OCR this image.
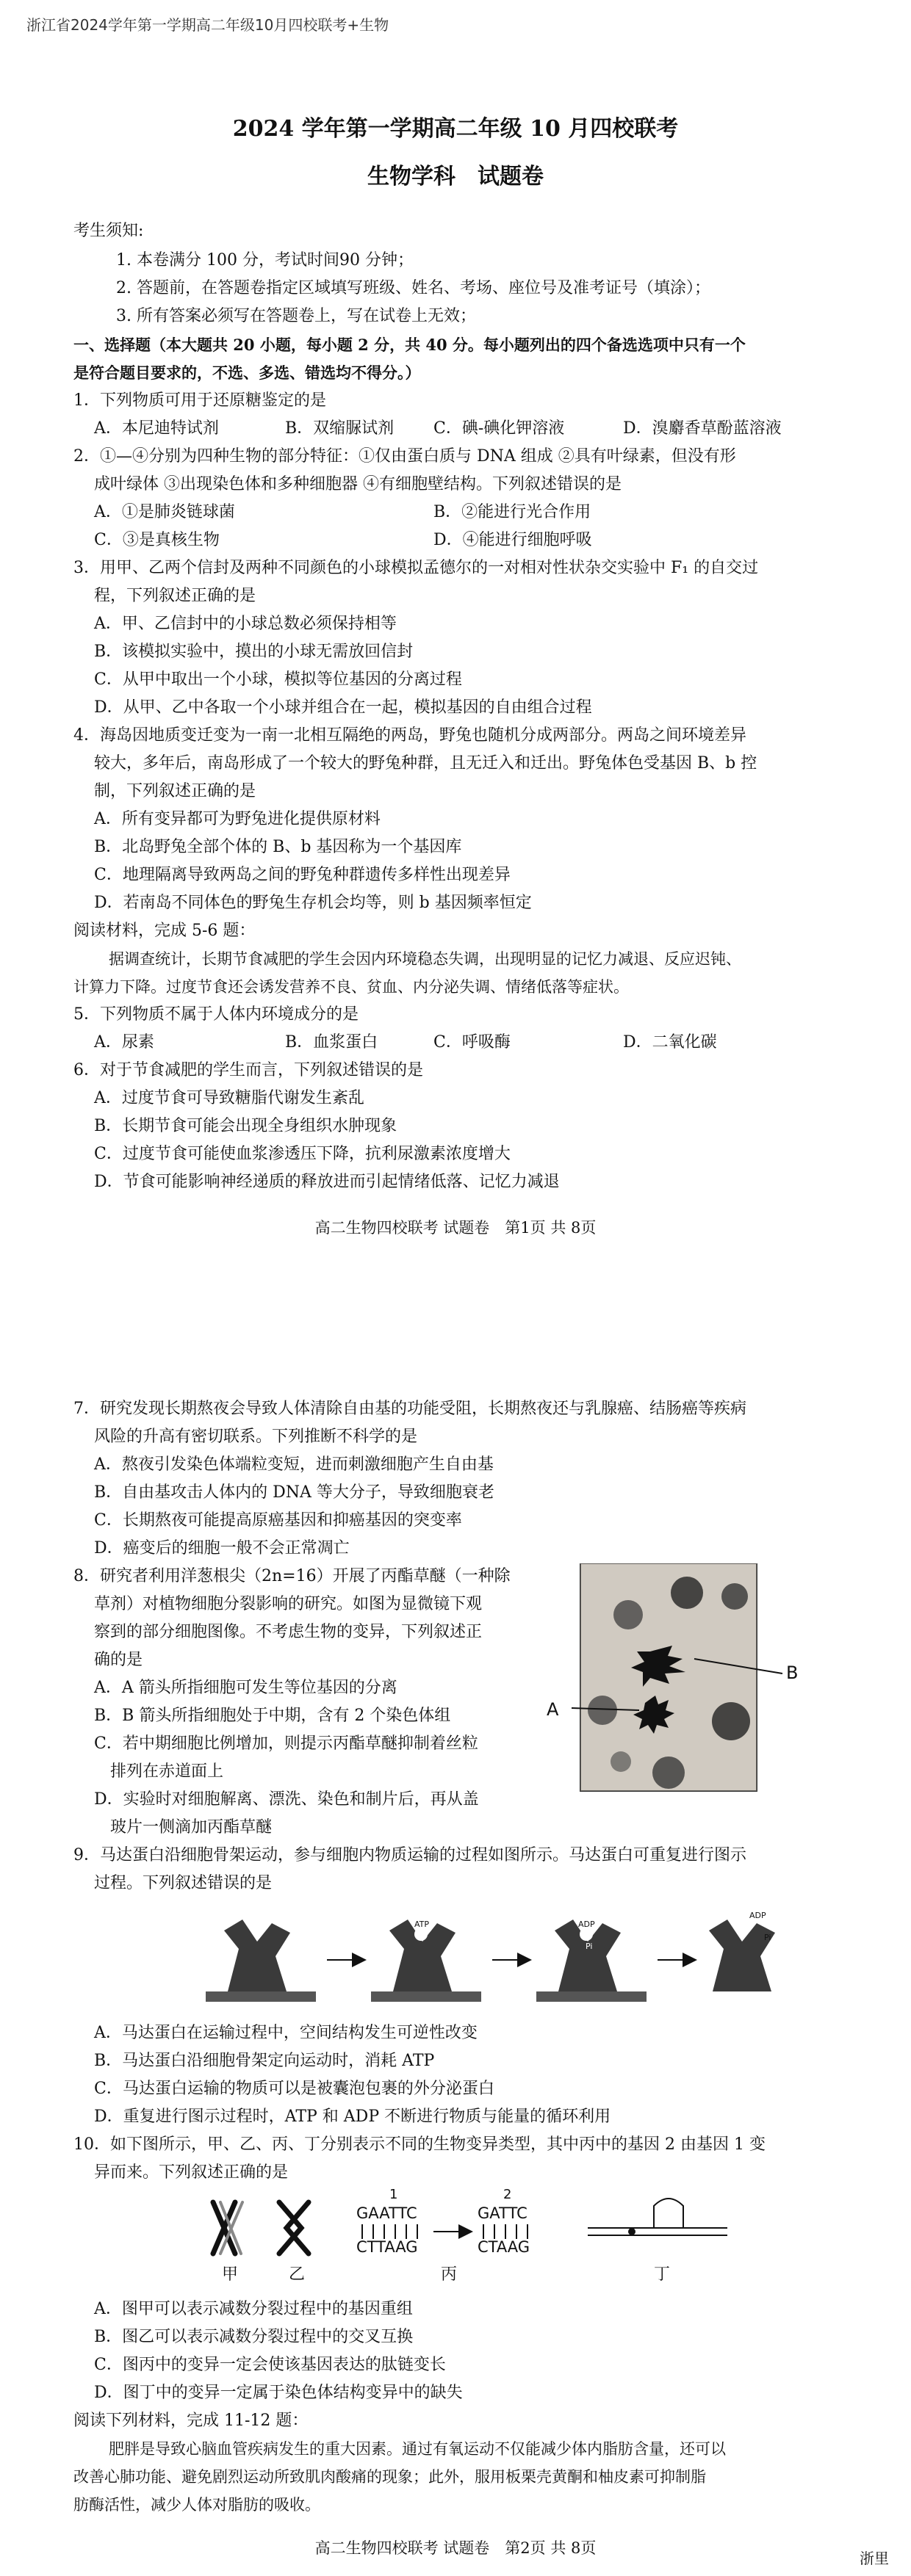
浙江省2024学年第一学期高二年级10月四校联考+生物
2024 学年第一学期高二年级 10 月四校联考
生物学科　试题卷
考生须知:
1. 本卷满分 100 分，考试时间90 分钟；
2. 答题前，在答题卷指定区域填写班级、姓名、考场、座位号及准考证号（填涂）；
3. 所有答案必须写在答题卷上，写在试卷上无效；
一、选择题（本大题共 20 小题，每小题 2 分，共 40 分。每小题列出的四个备选选项中只有一个
是符合题目要求的，不选、多选、错选均不得分。）
1．下列物质可用于还原糖鉴定的是
A．本尼迪特试剂	B．双缩脲试剂 C．碘-碘化钾溶液	D．溴麝香草酚蓝溶液
2．①—④分别为四种生物的部分特征：①仅由蛋白质与 DNA 组成 ②具有叶绿素，但没有形
成叶绿体 ③出现染色体和多种细胞器 ④有细胞壁结构。下列叙述错误的是
A．①是肺炎链球菌	B．②能进行光合作用
C．③是真核生物	D．④能进行细胞呼吸
3．用甲、乙两个信封及两种不同颜色的小球模拟孟德尔的一对相对性状杂交实验中 F₁ 的自交过
程，下列叙述正确的是
A．甲、乙信封中的小球总数必须保持相等
B．该模拟实验中，摸出的小球无需放回信封
C．从甲中取出一个小球，模拟等位基因的分离过程
D．从甲、乙中各取一个小球并组合在一起，模拟基因的自由组合过程
4．海岛因地质变迁变为一南一北相互隔绝的两岛，野兔也随机分成两部分。两岛之间环境差异
较大，多年后，南岛形成了一个较大的野兔种群，且无迁入和迁出。野兔体色受基因 B、b 控
制，下列叙述正确的是
A．所有变异都可为野兔进化提供原材料
B．北岛野兔全部个体的 B、b 基因称为一个基因库
C．地理隔离导致两岛之间的野兔种群遗传多样性出现差异
D．若南岛不同体色的野兔生存机会均等，则 b 基因频率恒定
阅读材料，完成 5-6 题：
据调查统计，长期节食减肥的学生会因内环境稳态失调，出现明显的记忆力减退、反应迟钝、
计算力下降。过度节食还会诱发营养不良、贫血、内分泌失调、情绪低落等症状。
5．下列物质不属于人体内环境成分的是
A．尿素	B．血浆蛋白	C．呼吸酶	D．二氧化碳
6．对于节食减肥的学生而言，下列叙述错误的是
A．过度节食可导致糖脂代谢发生紊乱
B．长期节食可能会出现全身组织水肿现象
C．过度节食可能使血浆渗透压下降，抗利尿激素浓度增大
D．节食可能影响神经递质的释放进而引起情绪低落、记忆力减退
高二生物四校联考 试题卷　第1页 共 8页
7．研究发现长期熬夜会导致人体清除自由基的功能受阻，长期熬夜还与乳腺癌、结肠癌等疾病
风险的升高有密切联系。下列推断不科学的是
A．熬夜引发染色体端粒变短，进而刺激细胞产生自由基
B．自由基攻击人体内的 DNA 等大分子，导致细胞衰老
C．长期熬夜可能提高原癌基因和抑癌基因的突变率
D．癌变后的细胞一般不会正常凋亡
8．研究者利用洋葱根尖（2n=16）开展了丙酯草醚（一种除
草剂）对植物细胞分裂影响的研究。如图为显微镜下观
察到的部分细胞图像。不考虑生物的变异，下列叙述正
确的是
A．A 箭头所指细胞可发生等位基因的分离
B．B 箭头所指细胞处于中期，含有 2 个染色体组
C．若中期细胞比例增加，则提示丙酯草醚抑制着丝粒
排列在赤道面上
D．实验时对细胞解离、漂洗、染色和制片后，再从盖
玻片一侧滴加丙酯草醚
A
B
9．马达蛋白沿细胞骨架运动，参与细胞内物质运输的过程如图所示。马达蛋白可重复进行图示
过程。下列叙述错误的是
ATP	ADP
Pi
ADP
Pi
A．马达蛋白在运输过程中，空间结构发生可逆性改变
B．马达蛋白沿细胞骨架定向运动时，消耗 ATP
C．马达蛋白运输的物质可以是被囊泡包裹的外分泌蛋白
D．重复进行图示过程时，ATP 和 ADP 不断进行物质与能量的循环利用
10．如下图所示，甲、乙、丙、丁分别表示不同的生物变异类型，其中丙中的基因 2 由基因 1 变
异而来。下列叙述正确的是
甲	乙
1	2
GAATTC
CTTAAG
GATTC
CTAAG
丙	丁
A．图甲可以表示减数分裂过程中的基因重组
B．图乙可以表示减数分裂过程中的交叉互换
C．图丙中的变异一定会使该基因表达的肽链变长
D．图丁中的变异一定属于染色体结构变异中的缺失
阅读下列材料，完成 11-12 题：
肥胖是导致心脑血管疾病发生的重大因素。通过有氧运动不仅能减少体内脂肪含量，还可以
改善心肺功能、避免剧烈运动所致肌肉酸痛的现象；此外，服用板栗壳黄酮和柚皮素可抑制脂
肪酶活性，减少人体对脂肪的吸收。
高二生物四校联考 试题卷　第2页 共 8页
浙里
